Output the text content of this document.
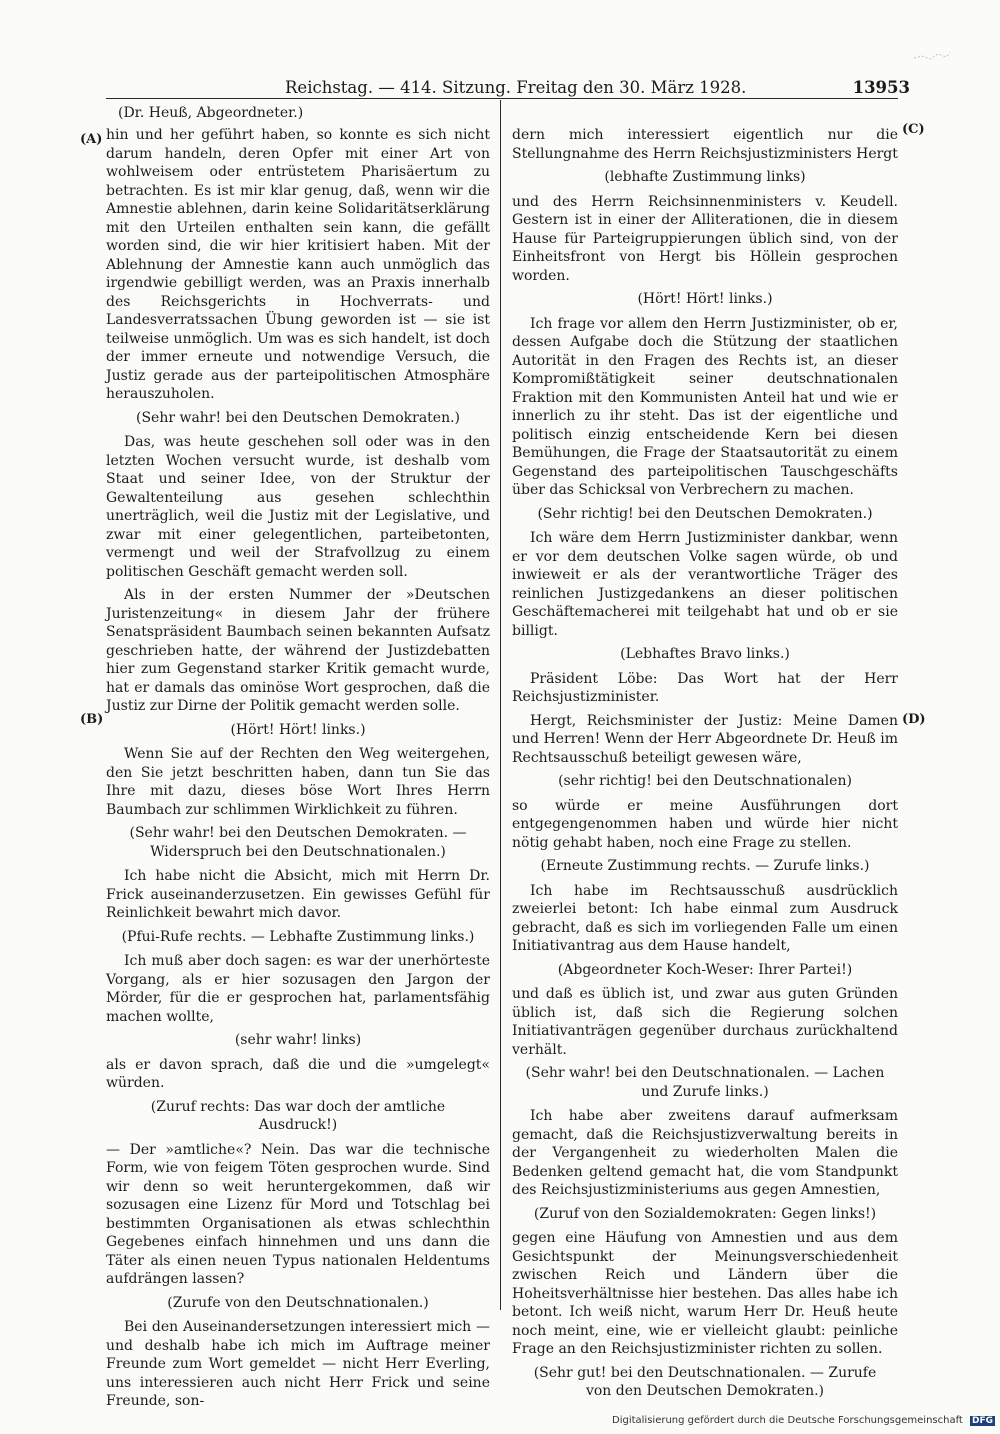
Reichstag. — 414. Sitzung. Freitag den 30. März 1928.	13953
(Dr. Heuß, Abgeordneter.)
(A)
(B)
(C)
(D)

hin und her geführt haben, so konnte es sich nicht darum handeln, deren Opfer mit einer Art von wohlweisem oder entrüstetem Pharisäertum zu betrachten. Es ist mir klar genug, daß, wenn wir die Amnestie ablehnen, darin keine Solidaritätserklärung mit den Urteilen enthalten sein kann, die gefällt worden sind, die wir hier kritisiert haben. Mit der Ablehnung der Amnestie kann auch unmöglich das irgendwie gebilligt werden, was an Praxis innerhalb des Reichsgerichts in Hochverrats- und Landesverratssachen Übung geworden ist — sie ist teilweise unmöglich. Um was es sich handelt, ist doch der immer erneute und notwendige Versuch, die Justiz gerade aus der parteipolitischen Atmosphäre herauszuholen.

(Sehr wahr! bei den Deutschen Demokraten.)

Das, was heute geschehen soll oder was in den letzten Wochen versucht wurde, ist deshalb vom Staat und seiner Idee, von der Struktur der Gewaltenteilung aus gesehen schlechthin unerträglich, weil die Justiz mit der Legislative, und zwar mit einer gelegentlichen, parteibetonten, vermengt und weil der Strafvollzug zu einem politischen Geschäft gemacht werden soll.

Als in der ersten Nummer der »Deutschen Juristenzeitung« in diesem Jahr der frühere Senatspräsident Baumbach seinen bekannten Aufsatz geschrieben hatte, der während der Justizdebatten hier zum Gegenstand starker Kritik gemacht wurde, hat er damals das ominöse Wort gesprochen, daß die Justiz zur Dirne der Politik gemacht werden solle.

(Hört! Hört! links.)

Wenn Sie auf der Rechten den Weg weitergehen, den Sie jetzt beschritten haben, dann tun Sie das Ihre mit dazu, dieses böse Wort Ihres Herrn Baumbach zur schlimmen Wirklichkeit zu führen.

(Sehr wahr! bei den Deutschen Demokraten. — Widerspruch bei den Deutschnationalen.)

Ich habe nicht die Absicht, mich mit Herrn Dr. Frick auseinanderzusetzen. Ein gewisses Gefühl für Reinlichkeit bewahrt mich davor.

(Pfui-Rufe rechts. — Lebhafte Zustimmung links.)

Ich muß aber doch sagen: es war der unerhörteste Vorgang, als er hier sozusagen den Jargon der Mörder, für die er gesprochen hat, parlamentsfähig machen wollte,

(sehr wahr! links)

als er davon sprach, daß die und die »umgelegt« würden.

(Zuruf rechts: Das war doch der amtliche Ausdruck!)

— Der »amtliche«? Nein. Das war die technische Form, wie von feigem Töten gesprochen wurde. Sind wir denn so weit heruntergekommen, daß wir sozusagen eine Lizenz für Mord und Totschlag bei bestimmten Organisationen als etwas schlechthin Gegebenes einfach hinnehmen und uns dann die Täter als einen neuen Typus nationalen Heldentums aufdrängen lassen?

(Zurufe von den Deutschnationalen.)

Bei den Auseinandersetzungen interessiert mich — und deshalb habe ich mich im Auftrage meiner Freunde zum Wort gemeldet — nicht Herr Everling, uns interessieren auch nicht Herr Frick und seine Freunde, son-

dern mich interessiert eigentlich nur die Stellungnahme des Herrn Reichsjustizministers Hergt

(lebhafte Zustimmung links)

und des Herrn Reichsinnenministers v. Keudell. Gestern ist in einer der Alliterationen, die in diesem Hause für Parteigruppierungen üblich sind, von der Einheitsfront von Hergt bis Höllein gesprochen worden.

(Hört! Hört! links.)

Ich frage vor allem den Herrn Justizminister, ob er, dessen Aufgabe doch die Stützung der staatlichen Autorität in den Fragen des Rechts ist, an dieser Kompromißtätigkeit seiner deutschnationalen Fraktion mit den Kommunisten Anteil hat und wie er innerlich zu ihr steht. Das ist der eigentliche und politisch einzig entscheidende Kern bei diesen Bemühungen, die Frage der Staatsautorität zu einem Gegenstand des parteipolitischen Tauschgeschäfts über das Schicksal von Verbrechern zu machen.

(Sehr richtig! bei den Deutschen Demokraten.)

Ich wäre dem Herrn Justizminister dankbar, wenn er vor dem deutschen Volke sagen würde, ob und inwieweit er als der verantwortliche Träger des reinlichen Justizgedankens an dieser politischen Geschäftemacherei mit teilgehabt hat und ob er sie billigt.

(Lebhaftes Bravo links.)

Präsident Löbe: Das Wort hat der Herr Reichsjustizminister.

Hergt, Reichsminister der Justiz: Meine Damen und Herren! Wenn der Herr Abgeordnete Dr. Heuß im Rechtsausschuß beteiligt gewesen wäre,

(sehr richtig! bei den Deutschnationalen)

so würde er meine Ausführungen dort entgegengenommen haben und würde hier nicht nötig gehabt haben, noch eine Frage zu stellen.

(Erneute Zustimmung rechts. — Zurufe links.)

Ich habe im Rechtsausschuß ausdrücklich zweierlei betont: Ich habe einmal zum Ausdruck gebracht, daß es sich im vorliegenden Falle um einen Initiativantrag aus dem Hause handelt,

(Abgeordneter Koch-Weser: Ihrer Partei!)

und daß es üblich ist, und zwar aus guten Gründen üblich ist, daß sich die Regierung solchen Initiativanträgen gegenüber durchaus zurückhaltend verhält.

(Sehr wahr! bei den Deutschnationalen. — Lachen und Zurufe links.)

Ich habe aber zweitens darauf aufmerksam gemacht, daß die Reichsjustizverwaltung bereits in der Vergangenheit zu wiederholten Malen die Bedenken geltend gemacht hat, die vom Standpunkt des Reichsjustizministeriums aus gegen Amnestien,

(Zuruf von den Sozialdemokraten: Gegen links!)

gegen eine Häufung von Amnestien und aus dem Gesichtspunkt der Meinungsverschiedenheit zwischen Reich und Ländern über die Hoheitsverhältnisse hier bestehen. Das alles habe ich betont. Ich weiß nicht, warum Herr Dr. Heuß heute noch meint, eine, wie er vielleicht glaubt: peinliche Frage an den Reichsjustizminister richten zu sollen.

(Sehr gut! bei den Deutschnationalen. — Zurufe von den Deutschen Demokraten.)

Digitalisierung gefördert durch die Deutsche Forschungsgemeinschaft DFG
